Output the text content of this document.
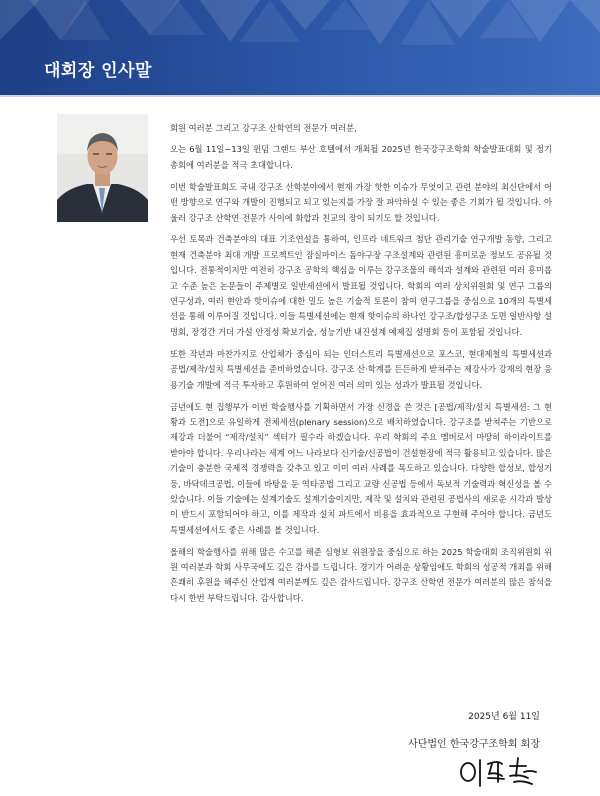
대회장 인사말

회원 여러분 그리고 강구조 산학연의 전문가 여러분,

오는 6월 11일~13일 윈덤 그랜드 부산 호텔에서 개최될 2025년 한국강구조학회 학술발표대회 및 정기총회에 여러분을 적극 초대합니다.

이번 학술발표회도 국내 강구조 산학분야에서 현재 가장 핫한 이슈가 무엇이고 관련 분야의 최신단에서 어떤 방향으로 연구와 개발이 진행되고 되고 있는지를 가장 잘 파악하실 수 있는 좋은 기회가 될 것입니다. 아울러 강구조 산학연 전문가 사이에 화합과 친교의 장이 되기도 할 것입니다.

우선 토목과 건축분야의 대표 기조연설을 통하여, 인프라 네트워크 첨단 관리기술 연구개발 동향, 그리고 현재 건축분야 최대 개발 프로젝트인 잠실마이스 돔야구장 구조설계와 관련된 흥미로운 정보도 공유될 것입니다. 전통적이지만 여전히 강구조 공학의 핵심을 이루는 강구조물의 해석과 설계와 관련된 여러 흥미롭고 수준 높은 논문들이 주제별로 일반세션에서 발표될 것입니다. 학회의 여러 상치위원회 및 연구 그룹의 연구성과, 여러 현안과 핫이슈에 대한 밀도 높은 기술적 토론이 참여 연구그룹을 중심으로 10개의 특별세션을 통해 이루어질 것입니다. 이들 특별세션에는 현재 핫이슈의 하나인 강구조/합성구조 도면 일반사항 설명회, 장경간 거더 가설 안정성 확보기술, 성능기반 내진설계 예제집 설명회 등이 포함될 것입니다.

또한 작년과 마찬가지로 산업체가 중심이 되는 인더스트리 특별세션으로 포스코, 현대제철의 특별세션과 공법/제작/설치 특별세션을 준비하였습니다. 강구조 산·학계를 든든하게 받쳐주는 제강사가 강재의 현장 응용기술 개발에 적극 투자하고 후원하여 얻어진 여러 의미 있는 성과가 발표될 것입니다.

금년에도 현 집행부가 이번 학술행사를 기획하면서 가장 신경을 쓴 것은 [공법/제작/설치 특별세션: 그 현황과 도전]으로 유일하게 전체세션(plenary session)으로 배치하였습니다. 강구조를 받쳐주는 기반으로 제강과 더불어 “제작/설치” 섹터가 필수라 하겠습니다. 우리 학회의 주요 멤버로서 마땅히 하이라이트를 받아야 합니다. 우리나라는 세계 어느 나라보다 신기술/신공법이 건설현장에 적극 활용되고 있습니다. 많은 기술이 충분한 국제적 경쟁력을 갖추고 있고 이미 여러 사례를 목도하고 있습니다. 다양한 합성보, 합성기둥, 바닥데크공법, 이들에 바탕을 둔 역타공법 그리고 교량 신공법 등에서 독보적 기술력과 혁신성을 볼 수 있습니다. 이들 기술에는 설계기술도 설계기술이지만, 제작 및 설치와 관련된 공법사의 새로운 시각과 발상이 반드시 포함되어야 하고, 이를 제작과 설치 파트에서 비용을 효과적으로 구현해 주어야 합니다. 금년도 특별세션에서도 좋은 사례를 볼 것입니다.

올해의 학술행사를 위해 많은 수고를 해준 심형보 위원장을 중심으로 하는 2025 학술대회 조직위원회 위원 여러분과 학회 사무국에도 깊은 감사를 드립니다. 경기가 어려운 상황임에도 학회의 성공적 개최를 위해 흔쾌히 후원을 해주신 산업계 여러분께도 깊은 감사드립니다. 강구조 산학연 전문가 여러분의 많은 참석을 다시 한번 부탁드립니다. 감사합니다.

2025년 6월 11일
사단법인 한국강구조학회 회장
